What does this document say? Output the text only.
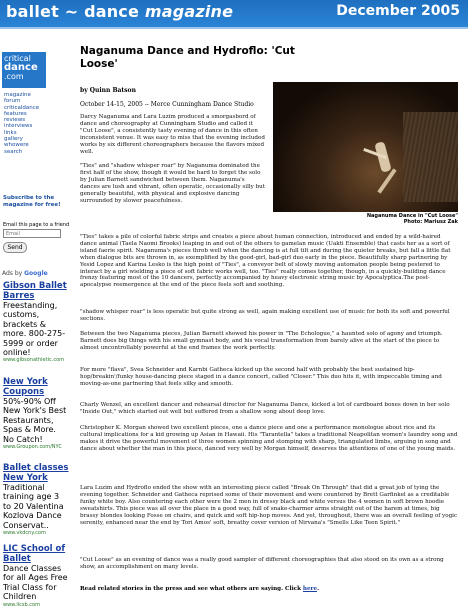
ballet ~ dance magazine	December 2005
critical
dance
.com
magazine
forum
criticaldance
features
reviews
interviews
links
gallery
whowere
search
Subscribe to the magazine for free!
Email this page to a friend
Email
Send
Ads by Google
Gibson Ballet Barres
Freestanding, customs, brackets & more. 800-275-5999 or order online!
www.gibsonathletic.com
New York Coupons
50%-90% Off New York's Best Restaurants, Spas & More. No Catch!
www.Groupon.com/NYC
Ballet classes New York
Traditional training age 3 to 20 Valentina Kozlova Dance Conservat..
www.vkdcny.com
LIC School of Ballet
Dance Classes for all Ages Free Trial Class for Children
www.licsb.com
Naganuma Dance and Hydroflo: 'Cut Loose'
by Quinn Batson
October 14-15, 2005 -- Merce Cunningham Dance Studio
Naganuma Dance in "Cut Loose"
Photo: Mariusz Zak
Darcy Naganuma and Lara Luzim produced a smorgasbord of dance and choreography at Cunningham Studio and called it "Cut Loose", a consistently tasty evening of dance in this often inconsistent venue. It was easy to miss that the evening included works by six different choreographers because the flavors mixed well.
"Ties" and "shadow whisper roar" by Naganuma dominated the first half of the show, though it would be hard to forget the solo by Julian Barnett sandwiched between them. Naganuma's dances are lush and vibrant, often operatic, occasionally silly but generally beautiful, with physical and explosive dancing surrounded by slower peacefulness.
"Ties" takes a pile of colorful fabric strips and creates a piece about human connection, introduced and ended by a wild-haired dance animal (Taela Naomi Brooks) leaping in and out of the others to gamelan music (Uakti Ensemble) that casts her as a sort of island faerie spirit. Naganuma's pieces throb well when the dancing is at full tilt and during the quieter breaks, but fall a little flat when dialogue bits are thrown in, as exemplified by the good-girl, bad-girl duo early in the piece. Beautifully sharp partnering by Yesid Lopez and Karina Lesko is the high point of "Ties", a conveyor belt of slowly moving automaton people being pestered to interact by a girl wielding a piece of soft fabric works well, too. "Ties" really comes together, though, in a quickly-building dance frenzy featuring most of the 10 dancers, perfectly accompanied by heavy electronic string music by Apocalyptica.The post-apocalypse reemergence at the end of the piece feels soft and soothing.
"shadow whisper roar" is less operatic but quite strong as well, again making excellent use of music for both its soft and powerful sections.
Between the two Naganuma pieces, Julian Barnett showed his power in "The Echologue," a haunted solo of agony and triumph. Barnett does big things with his small gymnast body, and his vocal transformation from barely alive at the start of the piece to almost uncontrollably powerful at the end frames the work perfectly.
For more "flava", Svea Schneider and Karnbi Gatheca kicked up the second half with probably the best sustained hip-hop/breakin'/funky house-dancing piece staged in a dance concert, called "Closer." This duo hits it, with impeccable timing and moving-as-one partnering that feels silky and smooth.
Charly Wenzel, an excellent dancer and rehearsal director for Naganuma Dance, kicked a lot of cardboard boxes down in her solo "Inside Out," which started out well but suffered from a shallow song about deep love.
Christopher K. Morgan showed two excellent pieces, one a dance piece and one a performance monologue about rice and its cultural implications for a kid growing up Asian in Hawaii. His "Tarantella" takes a traditional Neapolitan women's laundry song and makes it drive the powerful movement of three women spinning and stomping with sharp, triangulated limbs, arguing in song and dance about whether the man in this piece, danced very well by Morgan himself, deserves the attentions of one of the young maids.
Lara Luzim and Hydroflo ended the show with an interesting piece called "Break On Through" that did a great job of tying the evening together. Schneider and Gatheca reprised some of their movement and were countered by Brett Garfinkel as a creditable funky white boy. Also countering each other were the 2 men in dressy black and white versus the 4 women in soft brown hoodie sweatshirts. This piece was all over the place in a good way, full of snake-charmer arms straight out of the harem at times, big brassy blondes looking Fosse on chairs, and quick and soft hip-hop moves. And yet, throughout, there was an overall feeling of yogic serenity, enhanced near the end by Tori Amos' soft, breathy cover version of Nirvana's "Smells Like Teen Spirit."
"Cut Loose" as an evening of dance was a really good sampler of different choreographies that also stood on its own as a strong show, an accomplishment on many levels.
Read related stories in the press and see what others are saying. Click here.
